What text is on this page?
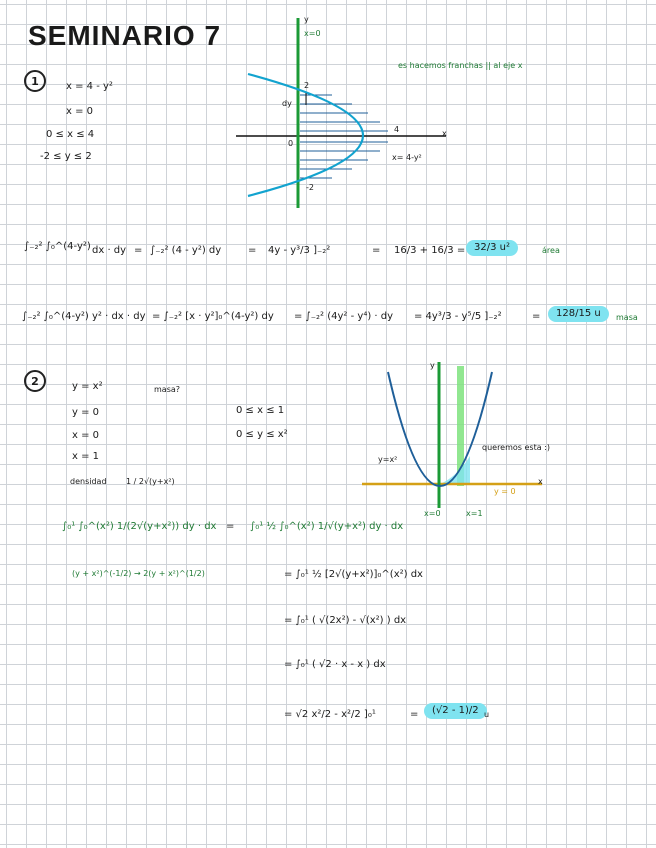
SEMINARIO 7
1	x = 4 - y²
x = 0
0 ≤ x ≤ 4
-2 ≤ y ≤ 2
es hacemos franchas || al eje x
y
x=0
2
dy
0
4	x
x= 4-y²
-2
∫₋₂² ∫₀^(4-y²) dx · dy = ∫₋₂² (4 - y²) dy	= 4y - y³/3 ]₋₂²	= 16/3 + 16/3 = 32/3 u²	área
∫₋₂² ∫₀^(4-y²) y² · dx · dy = ∫₋₂² [x · y²]₀^(4-y²) dy = ∫₋₂² (4y² - y⁴) · dy = 4y³/3 - y⁵/5 ]₋₂²	=	128/15 u	masa
2	y = x²
y = 0
x = 0
x = 1
masa?
0 ≤ x ≤ 1
0 ≤ y ≤ x²
densidad 1 / 2√(y+x²)
y
y=x²
queremos esta :)
x
y = 0
x=0	x=1
∫₀¹ ∫₀^(x²) 1/(2√(y+x²)) dy · dx = ∫₀¹ ½ ∫₀^(x²) 1/√(y+x²) dy · dx
(y + x²)^(-1/2) → 2(y + x²)^(1/2)	= ∫₀¹ ½ [2√(y+x²)]₀^(x²) dx
= ∫₀¹ ( √(2x²) - √(x²) ) dx
= ∫₀¹ ( √2 · x - x ) dx
= √2 x²/2 - x²/2 ]₀¹	=	(√2 - 1)/2 u
